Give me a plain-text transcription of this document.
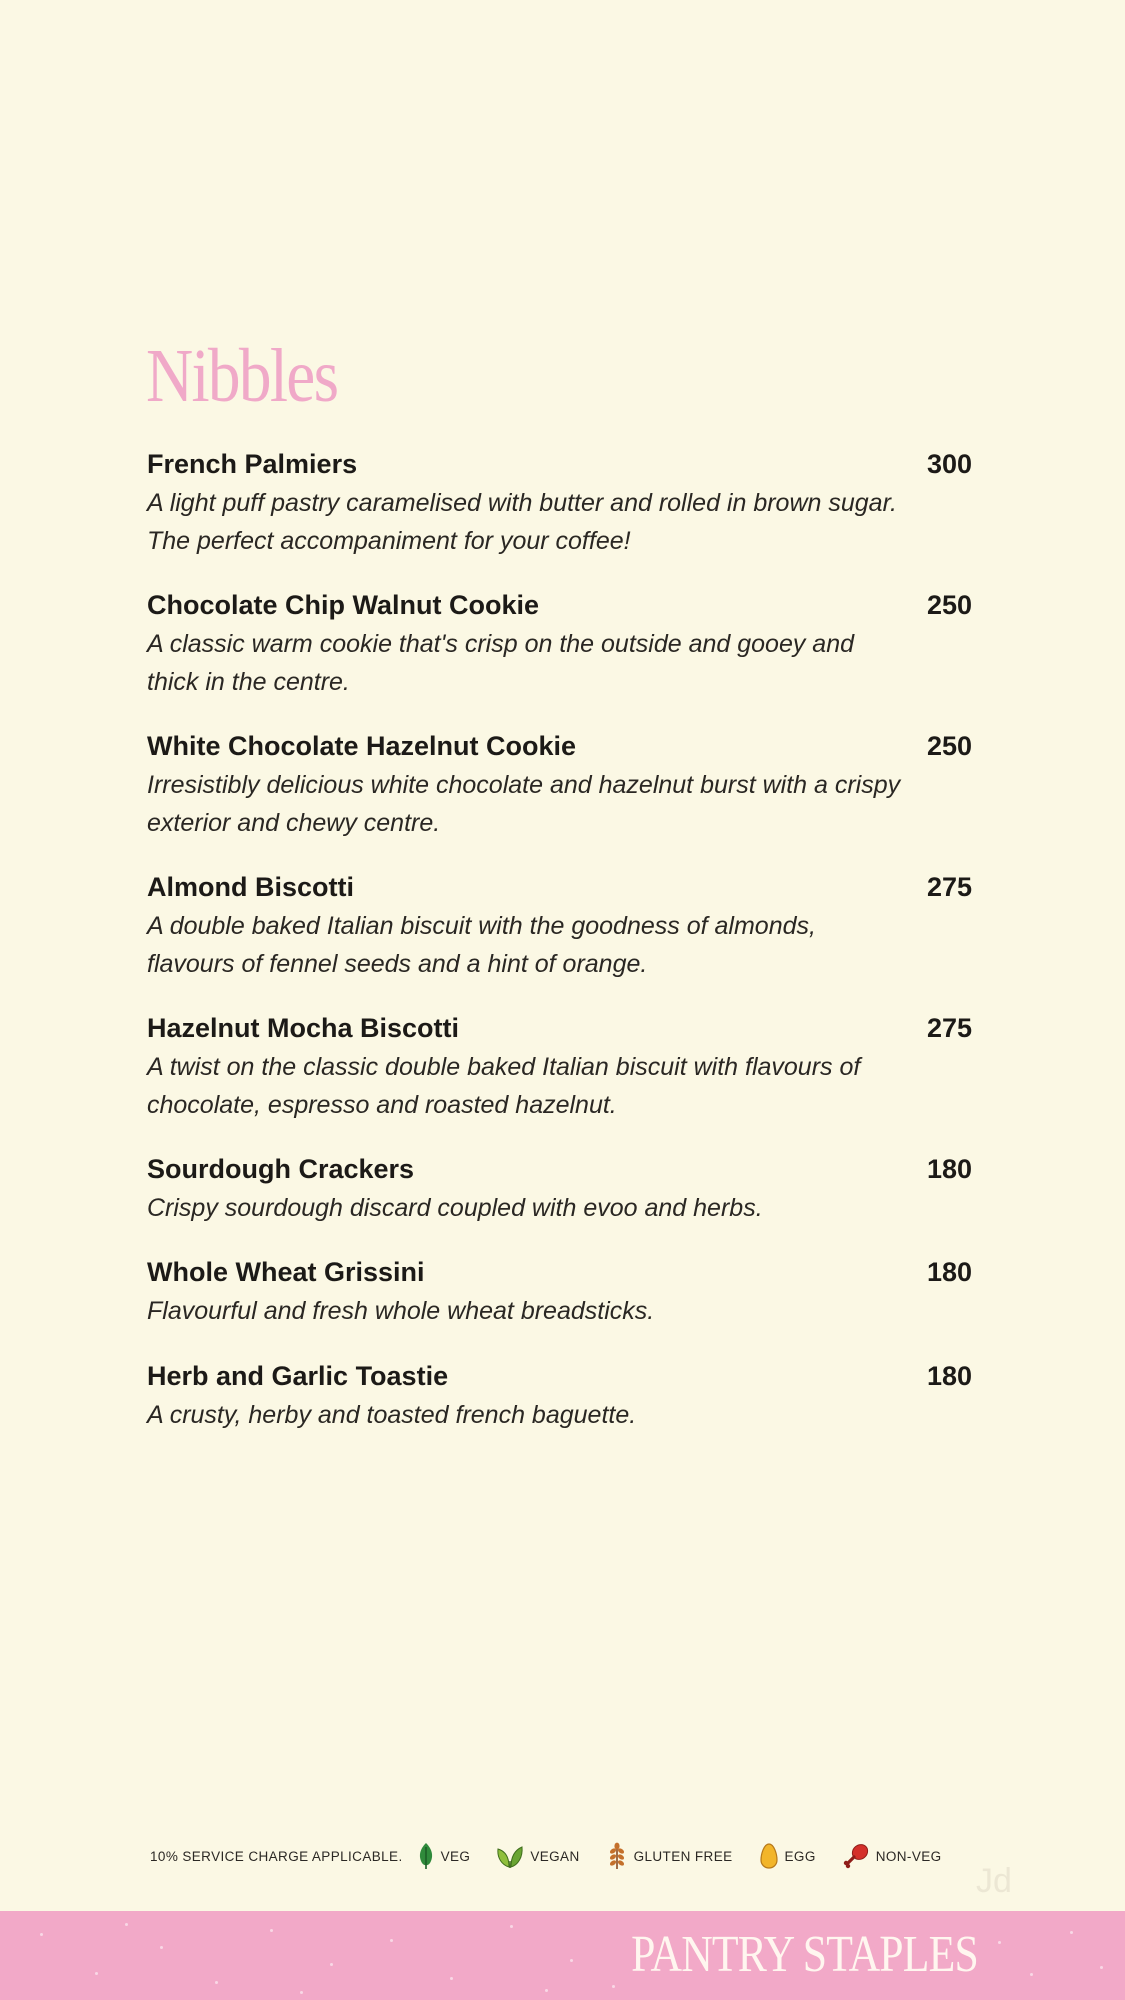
Nibbles
French Palmiers	300

A light puff pastry caramelised with butter and rolled in brown sugar. The perfect accompaniment for your coffee!

Chocolate Chip Walnut Cookie	250

A classic warm cookie that's crisp on the outside and gooey and thick in the centre.

White Chocolate Hazelnut Cookie	250

Irresistibly delicious white chocolate and hazelnut burst with a crispy exterior and chewy centre.

Almond Biscotti	275

A double baked Italian biscuit with the goodness of almonds, flavours of fennel seeds and a hint of orange.

Hazelnut Mocha Biscotti	275

A twist on the classic double baked Italian biscuit with flavours of chocolate, espresso and roasted hazelnut.

Sourdough Crackers	180

Crispy sourdough discard coupled with evoo and herbs.

Whole Wheat Grissini	180

Flavourful and fresh whole wheat breadsticks.

Herb and Garlic Toastie	180

A crusty, herby and toasted french baguette.

10% SERVICE CHARGE APPLICABLE.	VEG	VEGAN	GLUTEN FREE	EGG	NON-VEG
Jd
PANTRY STAPLES
